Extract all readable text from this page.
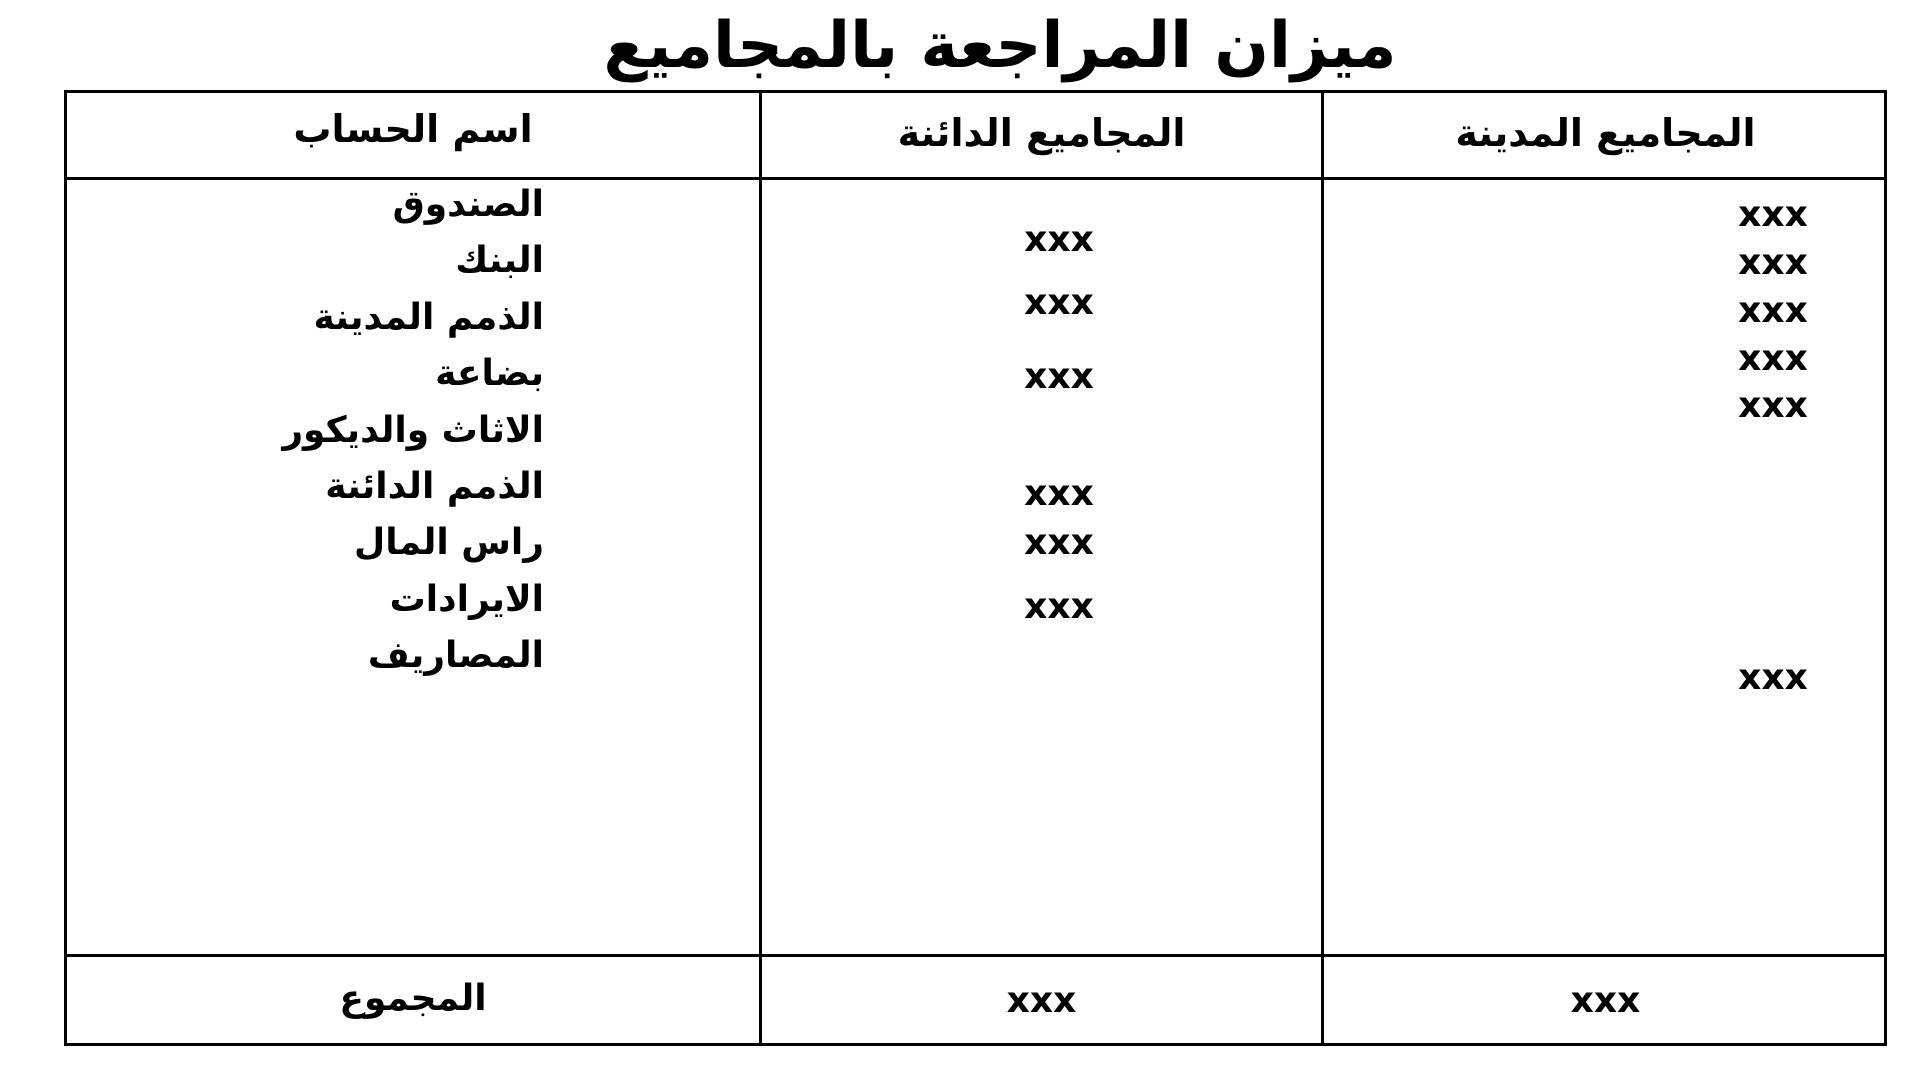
ميزان المراجعة بالمجاميع
المجاميع المدينة
المجاميع الدائنة
اسم الحساب
الصندوق
البنك
الذمم المدينة
بضاعة
الاثاث والديكور
الذمم الدائنة
راس المال
الايرادات
المصاريف
xxx
xxx
xxx
xxx
xxx
xxx
xxx
xxx
xxx
xxx
xxx
xxx
المجموع	xxx	xxx
